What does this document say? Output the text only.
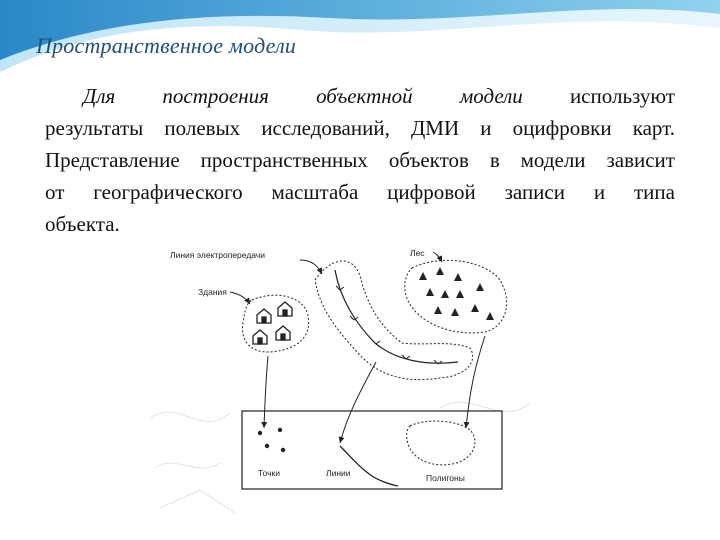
Пространственное модели
Для построения объектной модели используют
результаты полевых исследований, ДМИ и оцифровки карт.
Представление пространственных объектов в модели зависит
от географического масштаба цифровой записи и типа
объекта.
Линия электропередачи
Здания
Лес
Точки	Линии	Полигоны
